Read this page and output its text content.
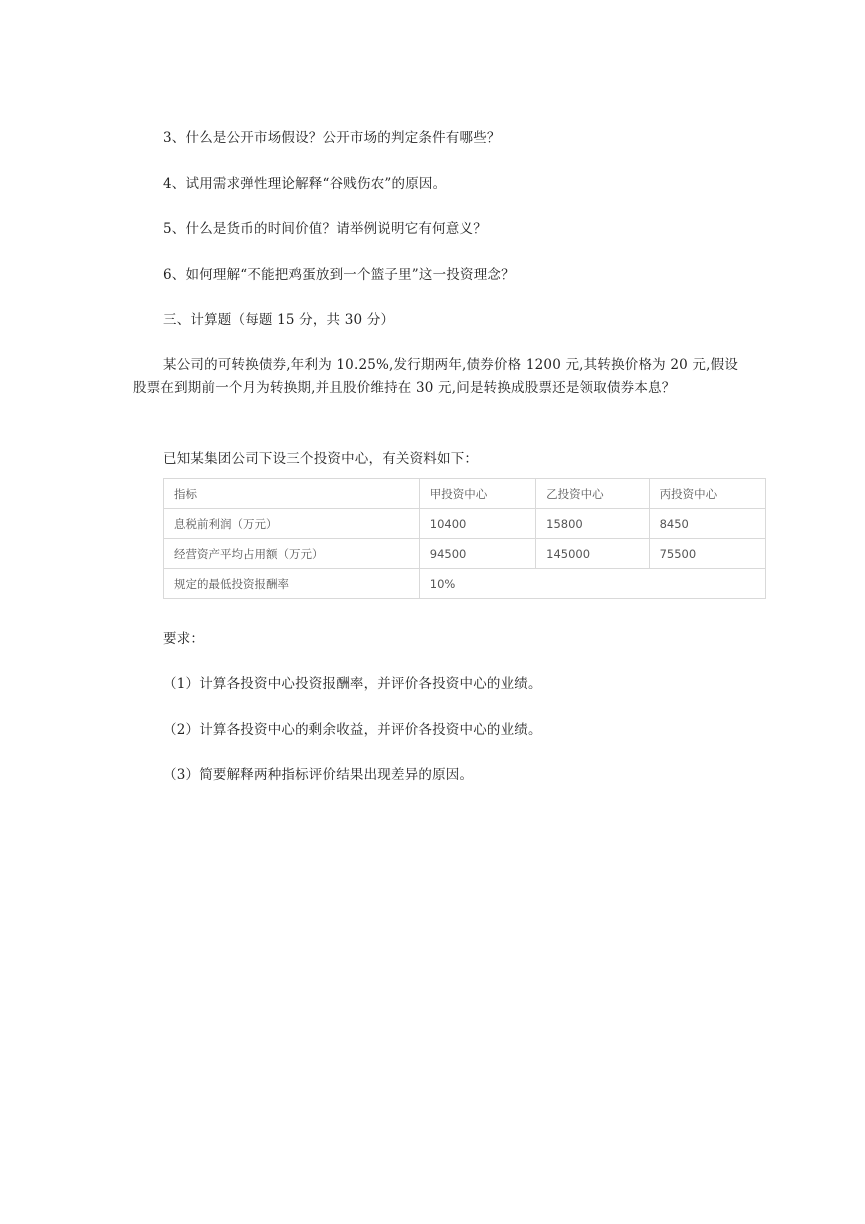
3、什么是公开市场假设？公开市场的判定条件有哪些？
4、试用需求弹性理论解释“谷贱伤农”的原因。
5、什么是货币的时间价值？请举例说明它有何意义？
6、如何理解“不能把鸡蛋放到一个篮子里”这一投资理念？
三、计算题（每题 15 分，共 30 分）
某公司的可转换债券,年利为 10.25%,发行期两年,债券价格 1200 元,其转换价格为 20 元,假设股票在到期前一个月为转换期,并且股价维持在 30 元,问是转换成股票还是领取债券本息？
已知某集团公司下设三个投资中心，有关资料如下：
指标	甲投资中心	乙投资中心	丙投资中心
息税前利润（万元）	10400	15800	8450
经营资产平均占用额（万元）	94500	145000	75500
规定的最低投资报酬率	10%		
要求：
（1）计算各投资中心投资报酬率，并评价各投资中心的业绩。
（2）计算各投资中心的剩余收益，并评价各投资中心的业绩。
（3）简要解释两种指标评价结果出现差异的原因。
